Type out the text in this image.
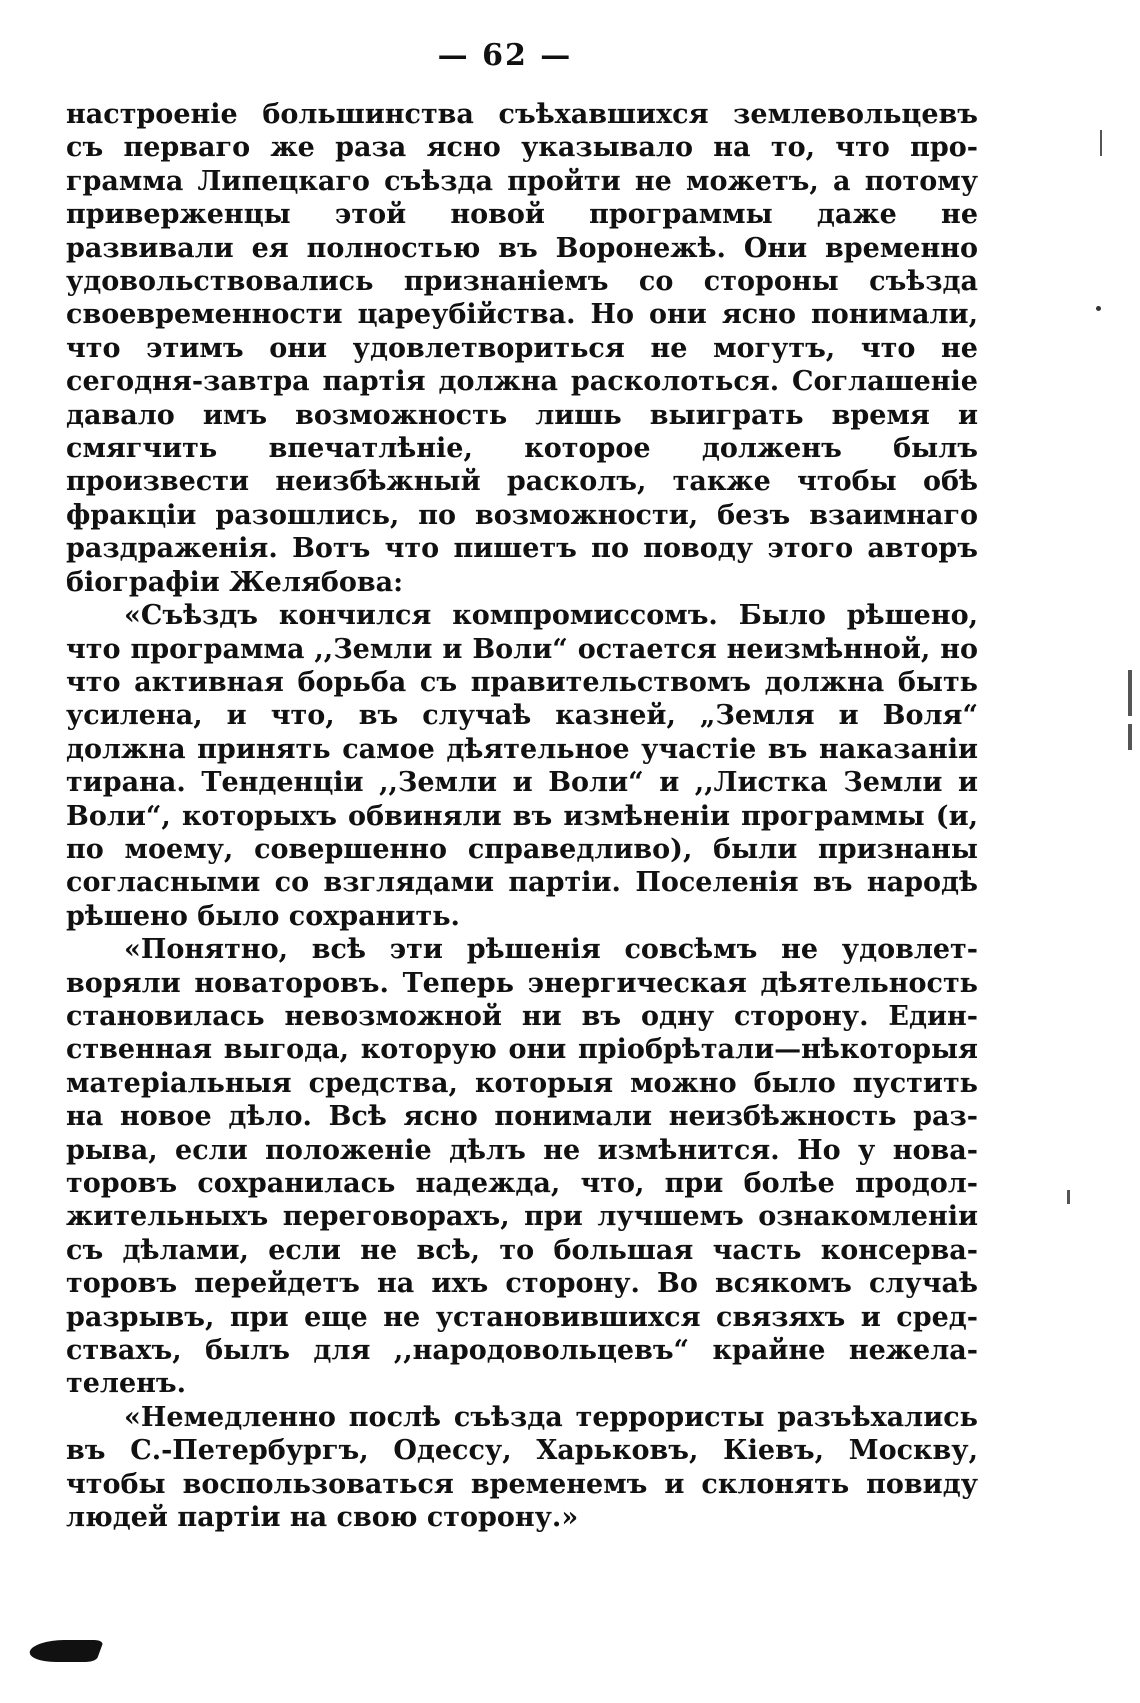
— 62 —

настроеніе большинства съѣхавшихся землевольцевъ съ перваго же раза ясно указывало на то, что программа Липецкаго съѣзда пройти не можетъ, а потому приверженцы этой новой программы даже не развивали ея полностью въ Воронежѣ. Они временно удовольствовались признаніемъ со стороны съѣзда своевременности цареубійства. Но они ясно понимали, что этимъ они удовлетвориться не могутъ, что не сегодня-завтра партія должна расколоться. Соглашеніе давало имъ возможность лишь выиграть время и смягчить впечатлѣніе, которое долженъ былъ произвести неизбѣжный расколъ, также чтобы обѣ фракціи разошлись, по возможности, безъ взаимнаго раздраженія. Вотъ что пишетъ по поводу этого авторъ біографіи Желябова:

«Съѣздъ кончился компромиссомъ. Было рѣшено, что программа ,,Земли и Воли“ остается неизмѣнной, но что активная борьба съ правительствомъ должна быть усилена, и что, въ случаѣ казней, „Земля и Воля“ должна принять самое дѣятельное участіе въ наказаніи тирана. Тенденціи ,,Земли и Воли“ и ,,Листка Земли и Воли“, которыхъ обвиняли въ измѣненіи программы (и, по моему, совершенно справедливо), были признаны согласными со взглядами партіи. Поселенія въ народѣ рѣшено было сохранить.

«Понятно, всѣ эти рѣшенія совсѣмъ не удовлетворяли новаторовъ. Теперь энергическая дѣятельность становилась невозможной ни въ одну сторону. Единственная выгода, которую они пріобрѣтали—нѣкоторыя матеріальныя средства, которыя можно было пустить на новое дѣло. Всѣ ясно понимали неизбѣжность разрыва, если положеніе дѣлъ не измѣнится. Но у новаторовъ сохранилась надежда, что, при болѣе продолжительныхъ переговорахъ, при лучшемъ ознакомленіи съ дѣлами, если не всѣ, то большая часть консерваторовъ перейдетъ на ихъ сторону. Во всякомъ случаѣ разрывъ, при еще не установившихся связяхъ и средствахъ, былъ для ,,народовольцевъ“ крайне нежелателенъ.

«Немедленно послѣ съѣзда террористы разъѣхались въ С.-Петербургъ, Одессу, Харьковъ, Кіевъ, Москву, чтобы воспользоваться временемъ и склонять повиду людей партіи на свою сторону.»
